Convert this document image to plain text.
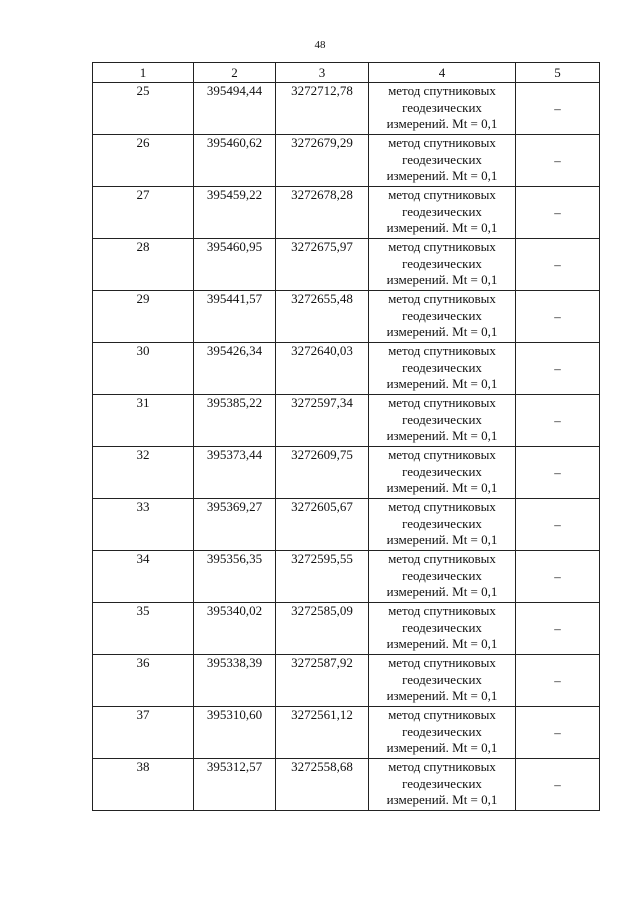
48
1	2	3	4	5
25	395494,44	3272712,78	метод спутниковых
геодезических
измерений. Mt = 0,1	–
26	395460,62	3272679,29	метод спутниковых
геодезических
измерений. Mt = 0,1	–
27	395459,22	3272678,28	метод спутниковых
геодезических
измерений. Mt = 0,1	–
28	395460,95	3272675,97	метод спутниковых
геодезических
измерений. Mt = 0,1	–
29	395441,57	3272655,48	метод спутниковых
геодезических
измерений. Mt = 0,1	–
30	395426,34	3272640,03	метод спутниковых
геодезических
измерений. Mt = 0,1	–
31	395385,22	3272597,34	метод спутниковых
геодезических
измерений. Mt = 0,1	–
32	395373,44	3272609,75	метод спутниковых
геодезических
измерений. Mt = 0,1	–
33	395369,27	3272605,67	метод спутниковых
геодезических
измерений. Mt = 0,1	–
34	395356,35	3272595,55	метод спутниковых
геодезических
измерений. Mt = 0,1	–
35	395340,02	3272585,09	метод спутниковых
геодезических
измерений. Mt = 0,1	–
36	395338,39	3272587,92	метод спутниковых
геодезических
измерений. Mt = 0,1	–
37	395310,60	3272561,12	метод спутниковых
геодезических
измерений. Mt = 0,1	–
38	395312,57	3272558,68	метод спутниковых
геодезических
измерений. Mt = 0,1	–
